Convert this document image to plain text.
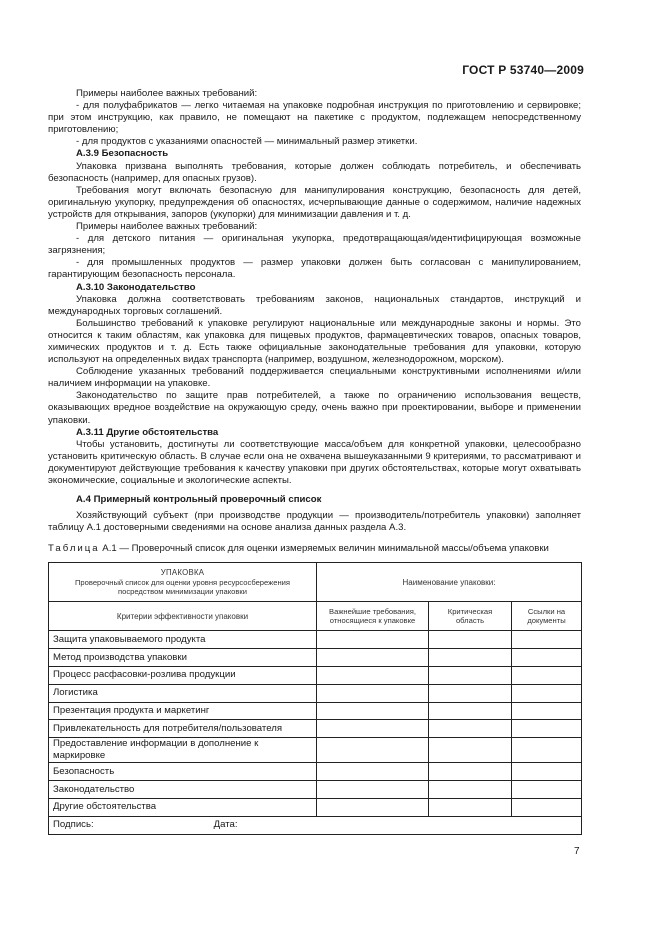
ГОСТ Р 53740—2009

Примеры наиболее важных требований:

- для полуфабрикатов — легко читаемая на упаковке подробная инструкция по приготовлению и сервировке; при этом инструкцию, как правило, не помещают на пакетике с продуктом, подлежащем непосредственному приготовлению;

- для продуктов с указаниями опасностей — минимальный размер этикетки.

А.3.9 Безопасность

Упаковка призвана выполнять требования, которые должен соблюдать потребитель, и обеспечивать безопасность (например, для опасных грузов).

Требования могут включать безопасную для манипулирования конструкцию, безопасность для детей, оригинальную укупорку, предупреждения об опасностях, исчерпывающие данные о содержимом, наличие надежных устройств для открывания, запоров (укупорки) для минимизации давления и т. д.

Примеры наиболее важных требований:

- для детского питания — оригинальная укупорка, предотвращающая/идентифицирующая возможные загрязнения;

- для промышленных продуктов — размер упаковки должен быть согласован с манипулированием, гарантирующим безопасность персонала.

А.3.10 Законодательство

Упаковка должна соответствовать требованиям законов, национальных стандартов, инструкций и международных торговых соглашений.

Большинство требований к упаковке регулируют национальные или международные законы и нормы. Это относится к таким областям, как упаковка для пищевых продуктов, фармацевтических товаров, опасных товаров, химических продуктов и т. д. Есть также официальные законодательные требования для упаковки, которую используют на определенных видах транспорта (например, воздушном, железнодорожном, морском).

Соблюдение указанных требований поддерживается специальными конструктивными исполнениями и/или наличием информации на упаковке.

Законодательство по защите прав потребителей, а также по ограничению использования веществ, оказывающих вредное воздействие на окружающую среду, очень важно при проектировании, выборе и применении упаковки.

А.3.11 Другие обстоятельства

Чтобы установить, достигнуты ли соответствующие масса/объем для конкретной упаковки, целесообразно установить критическую область. В случае если она не охвачена вышеуказанными 9 критериями, то рассматривают и документируют действующие требования к качеству упаковки при других обстоятельствах, которые могут охватывать экономические, социальные и экологические аспекты.

А.4 Примерный контрольный проверочный список

Хозяйствующий субъект (при производстве продукции — производитель/потребитель упаковки) заполняет таблицу А.1 достоверными сведениями на основе анализа данных раздела А.3.

Таблица А.1 — Проверочный список для оценки измеряемых величин минимальной массы/объема упаковки
УПАКОВКА
Проверочный список для оценки уровня ресурсосбережения посредством минимизации упаковки	Наименование упаковки:		
Критерии эффективности упаковки	Важнейшие требования, относящиеся к упаковке	Критическая область	Ссылки на документы
Защита упаковываемого продукта			
Метод производства упаковки			
Процесс расфасовки-розлива продукции			
Логистика			
Презентация продукта и маркетинг			
Привлекательность для потребителя/пользователя			
Предоставление информации в дополнение к маркировке			
Безопасность			
Законодательство			
Другие обстоятельства			
Подпись: Дата:			
7
